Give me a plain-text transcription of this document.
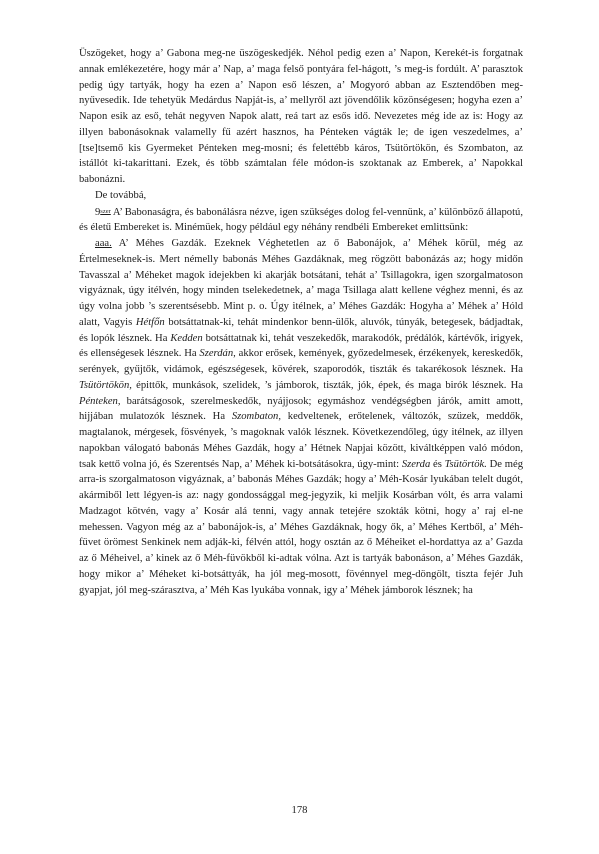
Üszögeket, hogy a’ Gabona meg-ne üszögeskedjék. Néhol pedig ezen a’ Napon, Kerekét-is forgatnak annak emlékezetére, hogy már a’ Nap, a’ maga felső pontyára fel-hágott, ’s meg-is fordúlt. A’ parasztok pedig úgy tartyák, hogy ha ezen a’ Napon eső lészen, a’ Mogyoró abban az Esztendőben meg-nyűvesedik. Ide tehetyük Medárdus Napját-is, a’ mellyről azt jövendőlik közönségesen; hogyha ezen a’ Napon esik az eső, tehát negyven Napok alatt, reá tart az esős idő. Nevezetes még ide az is: Hogy az illyen babonásoknak valamelly fű azért hasznos, ha Pénteken vágták le; de igen veszedelmes, a’ [tse]tsemő kis Gyermeket Pénteken meg-mosni; és felettébb káros, Tsütörtökön, és Szombaton, az istállót ki-takarittani. Ezek, és több számtalan féle módon-is szoktanak az Emberek, a’ Napokkal babonázni.

De továbbá,

$9^{szer}$ A’ Babonaságra, és babonálásra nézve, igen szükséges dolog fel-vennünk, a’ különböző állapotú, és életű Embereket is. Minémüek, hogy például egy néhány rendbéli Embereket emlittsünk:

aaa. A’ Méhes Gazdák. Ezeknek Véghetetlen az ő Babonájok, a’ Méhek körül, még az Értelmeseknek-is. Mert némelly babonás Méhes Gazdáknak, meg rögzött babonázás az; hogy midőn Tavasszal a’ Méheket magok idejekben ki akarják botsátani, tehát a’ Tsillagokra, igen szorgalmatoson vigyáznak, úgy itélvén, hogy minden tselekedetnek, a’ maga Tsillaga alatt kellene véghez menni, és az úgy volna jobb ’s szerentsésebb. Mint p. o. Úgy itélnek, a’ Méhes Gazdák: Hogyha a’ Méhek a’ Hóld alatt, Vagyis Hétfőn botsáttatnak-ki, tehát mindenkor benn-ülők, aluvók, túnyák, betegesek, bádjadtak, és lopók lésznek. Ha Kedden botsáttatnak ki, tehát veszekedők, marakodók, prédálók, kártévők, irigyek, és ellenségesek lésznek. Ha Szerdán, akkor erősek, kemények, győzedelmesek, érzékenyek, kereskedők, serények, gyűjtők, vidámok, egészségesek, kövérek, szaporodók, tiszták és takarékosok lésznek. Ha Tsütörtökön, épittők, munkások, szelidek, ’s jámborok, tiszták, jók, épek, és maga birók lésznek. Ha Pénteken, barátságosok, szerelmeskedők, nyájjosok; egymáshoz vendégségben járók, amitt amott, hijjában mulatozók lésznek. Ha Szombaton, kedveltenek, erőtelenek, változók, szüzek, meddők, magtalanok, mérgesek, fösvények, ’s magoknak valók lésznek. Következendőleg, úgy itélnek, az illyen napokban válogató babonás Méhes Gazdák, hogy a’ Hétnek Napjai között, kiváltképpen való módon, tsak kettő volna jó, és Szerentsés Nap, a’ Méhek ki-botsátásokra, úgy-mint: Szerda és Tsütörtök. De még arra-is szorgalmatoson vigyáznak, a’ babonás Méhes Gazdák; hogy a’ Méh-Kosár lyukában telelt dugót, akármiből lett légyen-is az: nagy gondossággal meg-jegyzik, ki meljik Kosárban vólt, és arra valami Madzagot kötvén, vagy a’ Kosár alá tenni, vagy annak tetejére szokták kötni, hogy a’ raj el-ne mehessen. Vagyon még az a’ babonájok-is, a’ Méhes Gazdáknak, hogy ők, a’ Méhes Kertből, a’ Méh-füvet örömest Senkinek nem adják-ki, félvén attól, hogy osztán az ő Méheiket el-hordattya az a’ Gazda az ő Méheivel, a’ kinek az ő Méh-füvökből ki-adtak vólna. Azt is tartyák babonáson, a’ Méhes Gazdák, hogy mikor a’ Méheket ki-botsáttyák, ha jól meg-mosott, fövénnyel meg-döngölt, tiszta fejér Juh gyapjat, jól meg-szárasztva, a’ Méh Kas lyukába vonnak, igy a’ Méhek jámborok lésznek; ha

178
